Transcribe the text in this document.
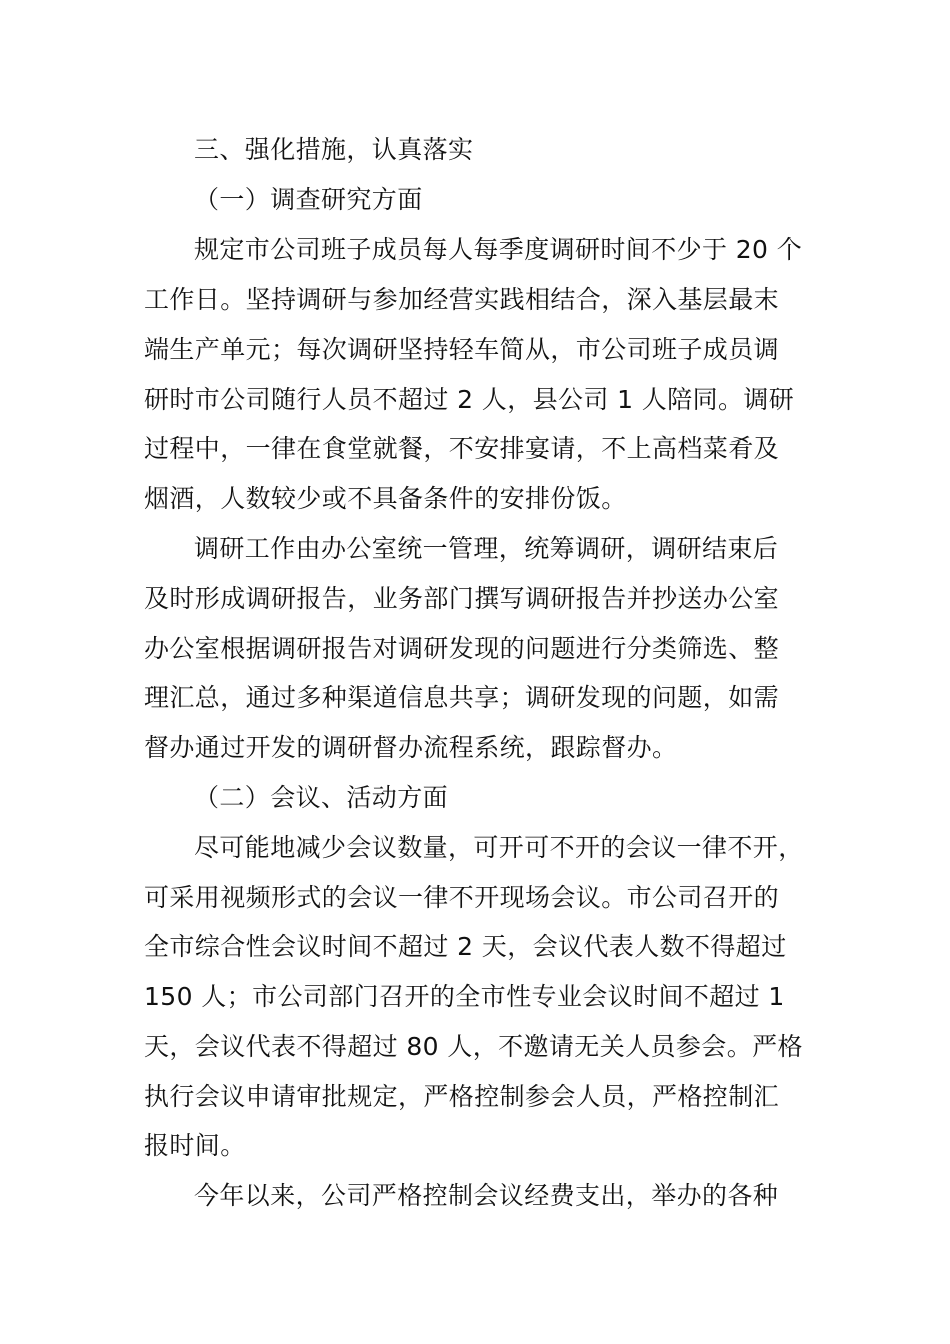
三、强化措施，认真落实

（一）调查研究方面

规定市公司班子成员每人每季度调研时间不少于 20 个

工作日。坚持调研与参加经营实践相结合，深入基层最末

端生产单元；每次调研坚持轻车简从，市公司班子成员调

研时市公司随行人员不超过 2 人，县公司 1 人陪同。调研

过程中，一律在食堂就餐，不安排宴请，不上高档菜肴及

烟酒，人数较少或不具备条件的安排份饭。

调研工作由办公室统一管理，统筹调研，调研结束后

及时形成调研报告，业务部门撰写调研报告并抄送办公室

办公室根据调研报告对调研发现的问题进行分类筛选、整

理汇总，通过多种渠道信息共享；调研发现的问题，如需

督办通过开发的调研督办流程系统，跟踪督办。

（二）会议、活动方面

尽可能地减少会议数量，可开可不开的会议一律不开，

可采用视频形式的会议一律不开现场会议。市公司召开的

全市综合性会议时间不超过 2 天，会议代表人数不得超过

150 人；市公司部门召开的全市性专业会议时间不超过 1

天，会议代表不得超过 80 人，不邀请无关人员参会。严格

执行会议申请审批规定，严格控制参会人员，严格控制汇

报时间。

今年以来，公司严格控制会议经费支出，举办的各种
